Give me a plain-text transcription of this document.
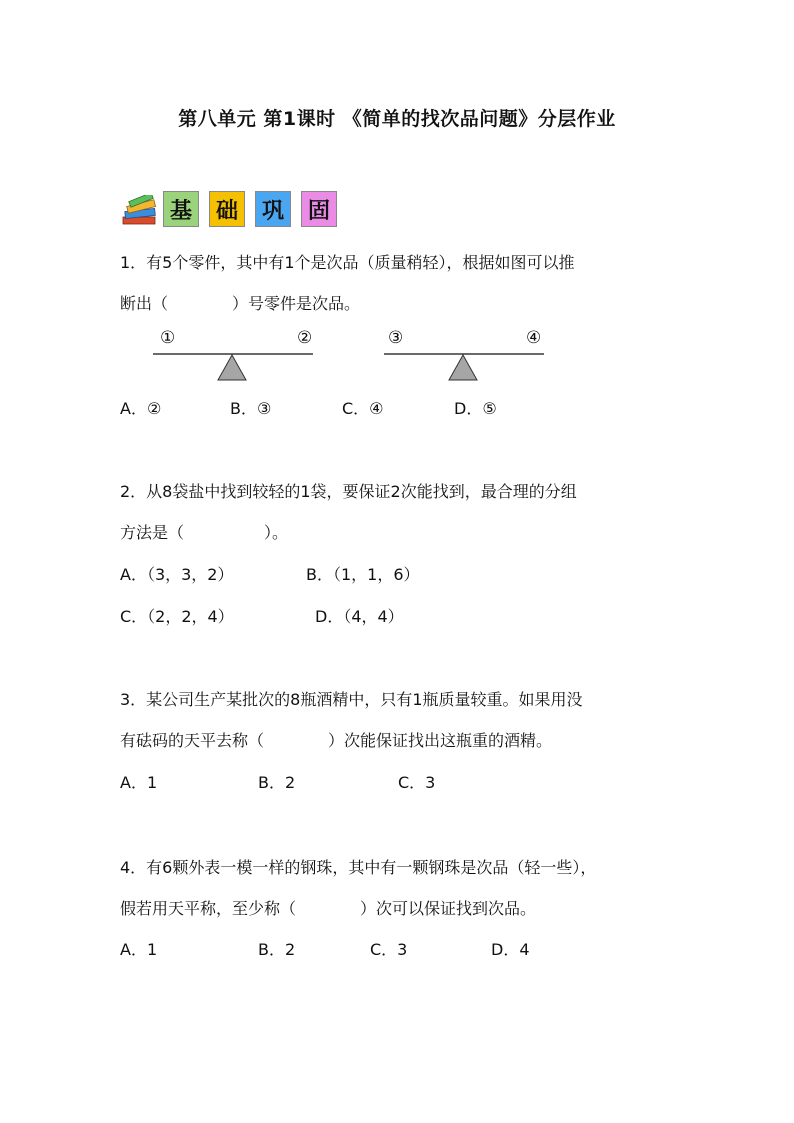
第八单元 第1课时 《简单的找次品问题》分层作业
基	础	巩	固
1．有5个零件，其中有1个是次品（质量稍轻），根据如图可以推
断出（　　　　）号零件是次品。
①	②	③	④
A．②	B．③	C．④	D．⑤
2．从8袋盐中找到较轻的1袋，要保证2次能找到，最合理的分组
方法是（　　　　　）。
A．（3，3，2）	B．（1，1，6）
C．（2，2，4）	D．（4，4）
3．某公司生产某批次的8瓶酒精中，只有1瓶质量较重。如果用没
有砝码的天平去称（　　　　）次能保证找出这瓶重的酒精。
A．1	B．2	C．3
4．有6颗外表一模一样的钢珠，其中有一颗钢珠是次品（轻一些），
假若用天平称，至少称（　　　　）次可以保证找到次品。
A．1	B．2	C．3	D．4
